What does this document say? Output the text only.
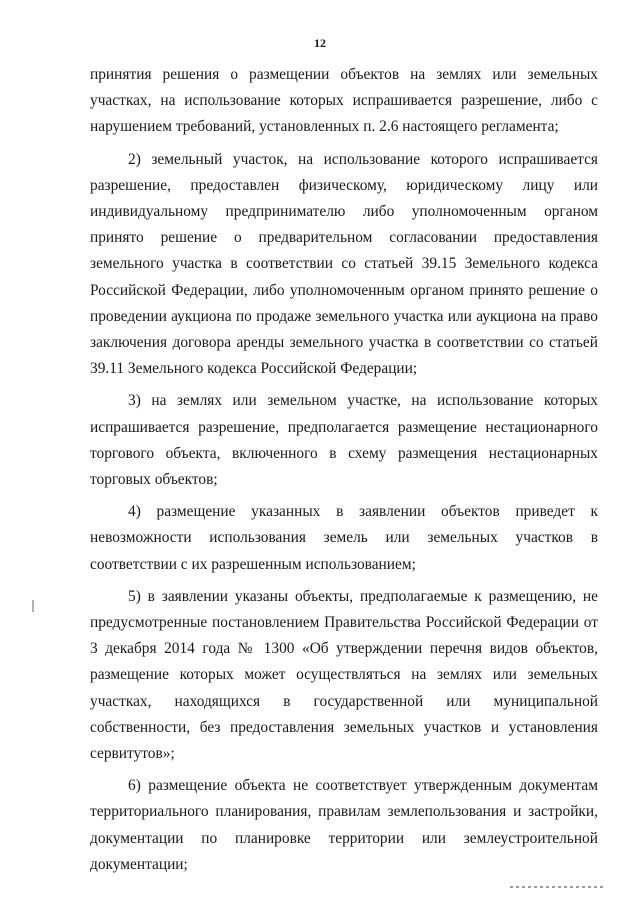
12

принятия решения о размещении объектов на землях или земельных участках, на использование которых испрашивается разрешение, либо с нарушением требований, установленных п. 2.6 настоящего регламента;

2) земельный участок, на использование которого испрашивается разрешение, предоставлен физическому, юридическому лицу или индивидуальному предпринимателю либо уполномоченным органом принято решение о предварительном согласовании предоставления земельного участка в соответствии со статьей 39.15 Земельного кодекса Российской Федерации, либо уполномоченным органом принято решение о проведении аукциона по продаже земельного участка или аукциона на право заключения договора аренды земельного участка в соответствии со статьей 39.11 Земельного кодекса Российской Федерации;

3) на землях или земельном участке, на использование которых испрашивается разрешение, предполагается размещение нестационарного торгового объекта, включенного в схему размещения нестационарных торговых объектов;

4) размещение указанных в заявлении объектов приведет к невозможности использования земель или земельных участков в соответствии с их разрешенным использованием;

5) в заявлении указаны объекты, предполагаемые к размещению, не предусмотренные постановлением Правительства Российской Федерации от 3 декабря 2014 года № 1300 «Об утверждении перечня видов объектов, размещение которых может осуществляться на землях или земельных участках, находящихся в государственной или муниципальной собственности, без предоставления земельных участков и установления сервитутов»;

6) размещение объекта не соответствует утвержденным документам территориального планирования, правилам землепользования и застройки, документации по планировке территории или землеустроительной документации;
